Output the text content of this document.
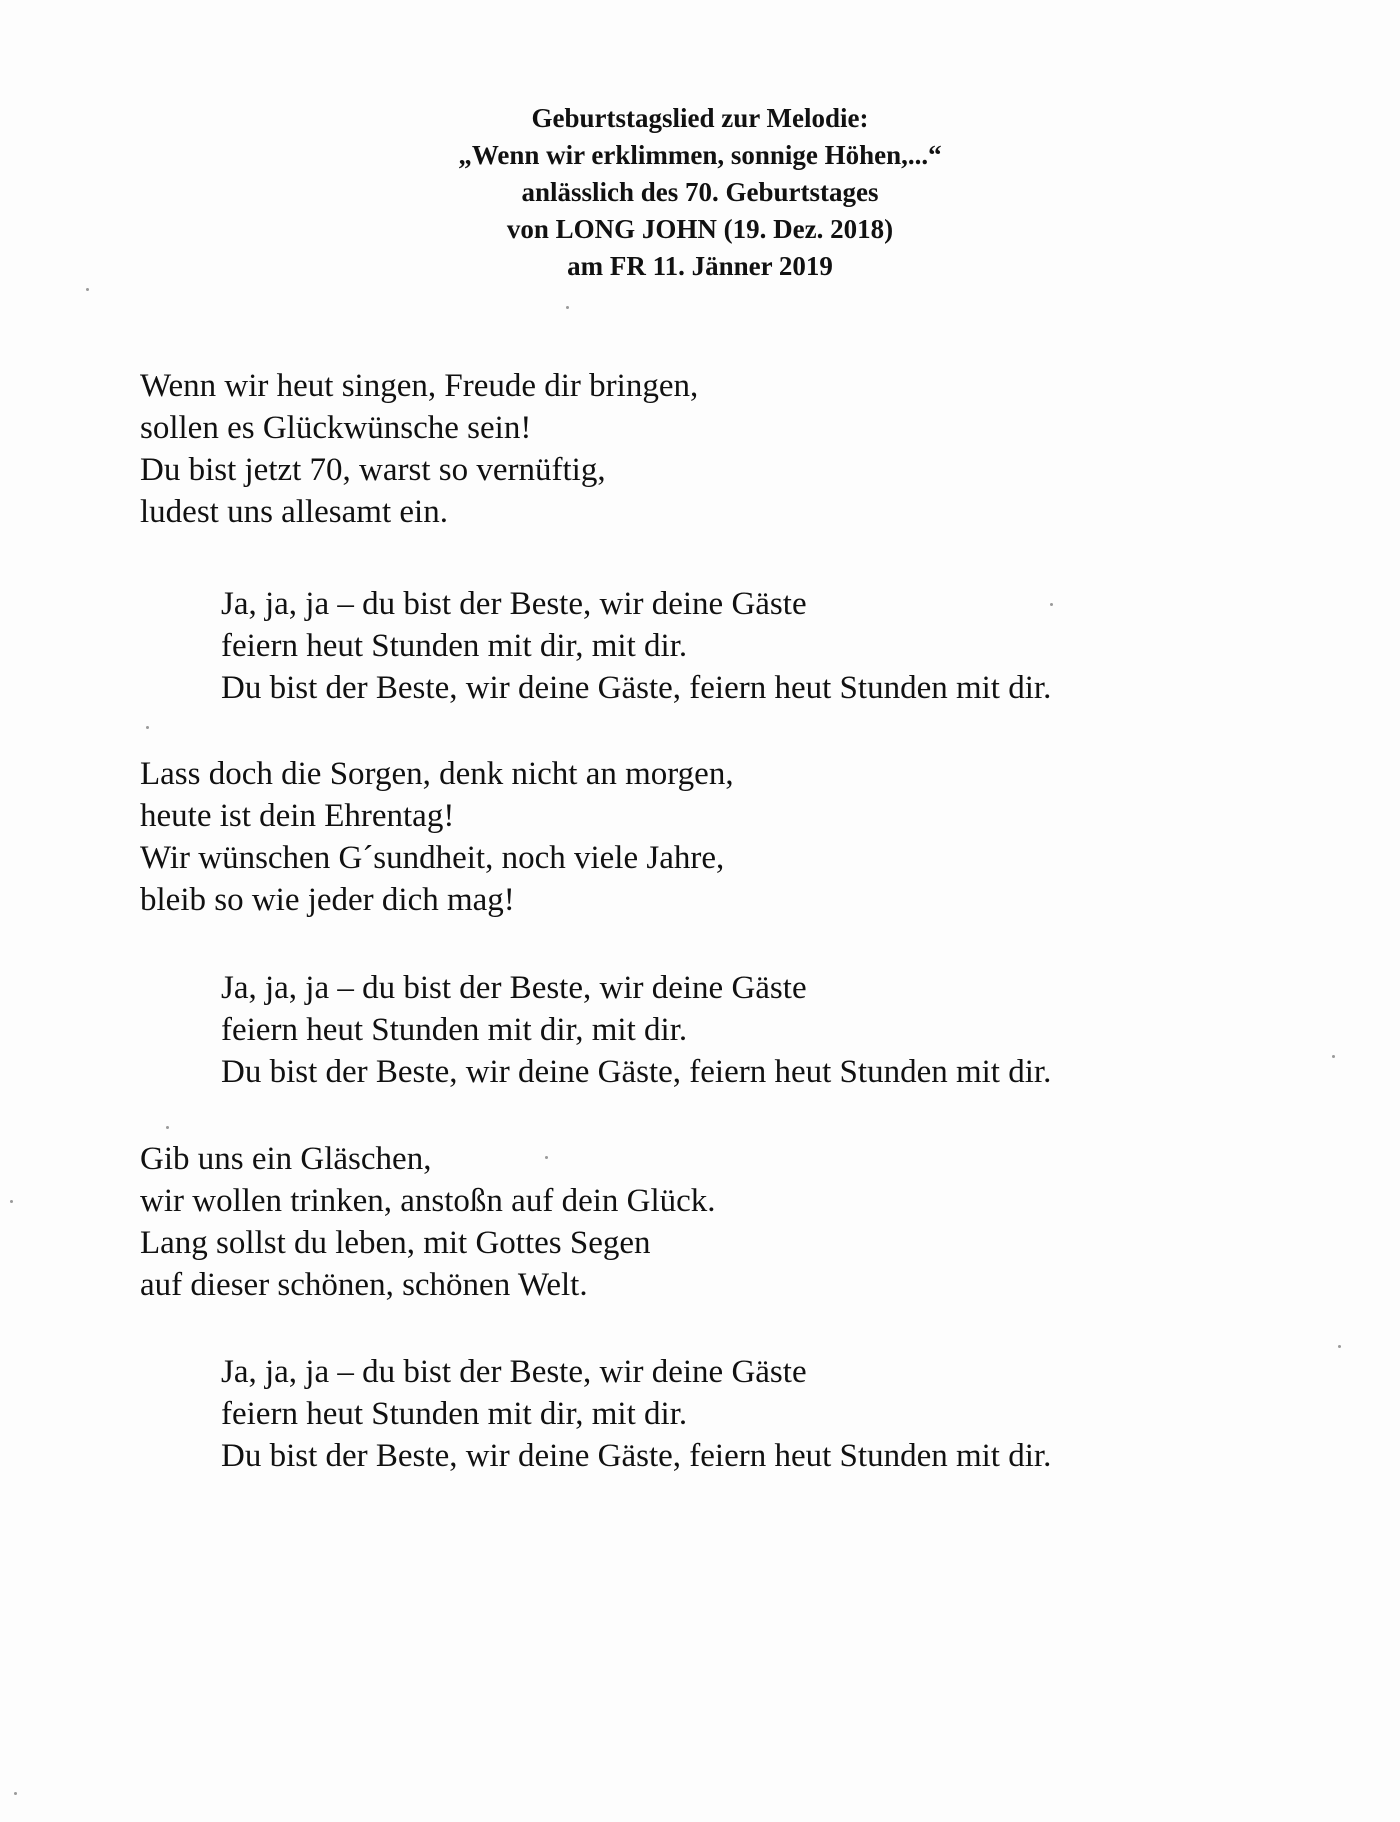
Geburtstagslied zur Melodie:
„Wenn wir erklimmen, sonnige Höhen,...“
anlässlich des 70. Geburtstages
von LONG JOHN (19. Dez. 2018)
am FR 11. Jänner 2019
Wenn wir heut singen, Freude dir bringen,
sollen es Glückwünsche sein!
Du bist jetzt 70, warst so vernüftig,
ludest uns allesamt ein.
Ja, ja, ja – du bist der Beste, wir deine Gäste
feiern heut Stunden mit dir, mit dir.
Du bist der Beste, wir deine Gäste, feiern heut Stunden mit dir.
Lass doch die Sorgen, denk nicht an morgen,
heute ist dein Ehrentag!
Wir wünschen G´sundheit, noch viele Jahre,
bleib so wie jeder dich mag!
Ja, ja, ja – du bist der Beste, wir deine Gäste
feiern heut Stunden mit dir, mit dir.
Du bist der Beste, wir deine Gäste, feiern heut Stunden mit dir.
Gib uns ein Gläschen,
wir wollen trinken, anstoßn auf dein Glück.
Lang sollst du leben, mit Gottes Segen
auf dieser schönen, schönen Welt.
Ja, ja, ja – du bist der Beste, wir deine Gäste
feiern heut Stunden mit dir, mit dir.
Du bist der Beste, wir deine Gäste, feiern heut Stunden mit dir.
